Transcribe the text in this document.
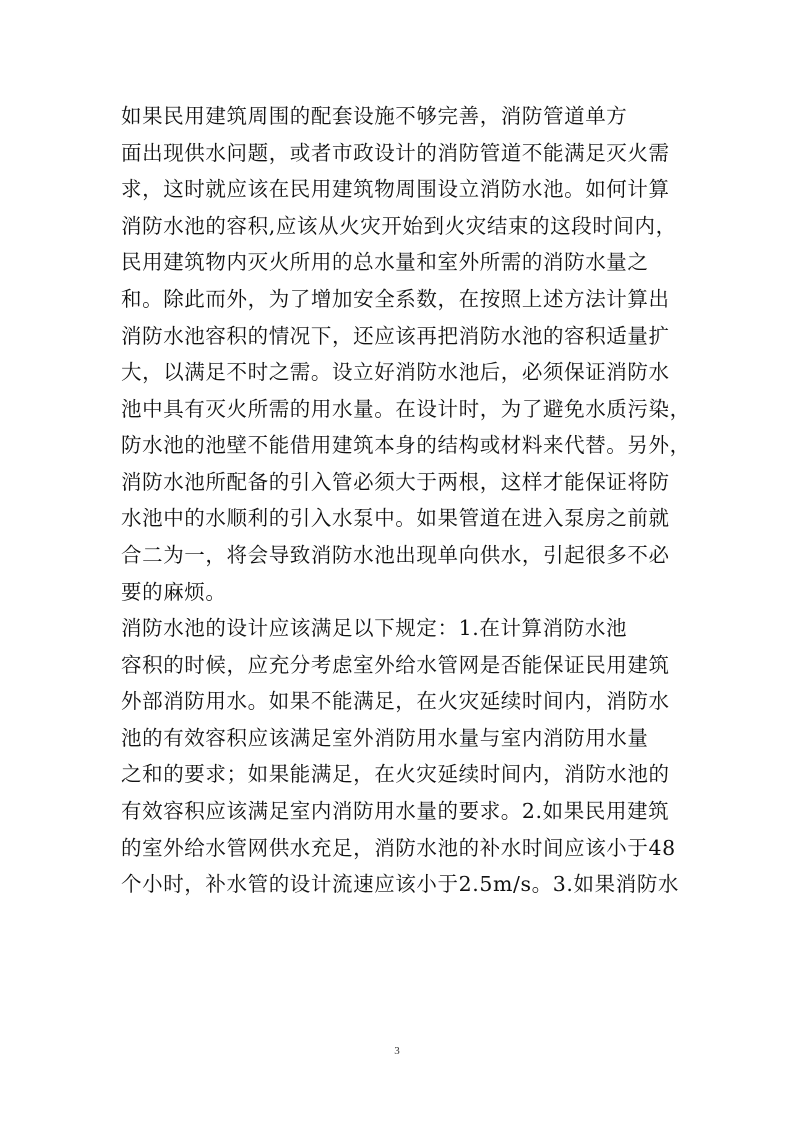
如果民用建筑周围的配套设施不够完善，消防管道单方
面出现供水问题，或者市政设计的消防管道不能满足灭火需
求，这时就应该在民用建筑物周围设立消防水池。如何计算
消防水池的容积,应该从火灾开始到火灾结束的这段时间内，
民用建筑物内灭火所用的总水量和室外所需的消防水量之
和。除此而外，为了增加安全系数，在按照上述方法计算出
消防水池容积的情况下，还应该再把消防水池的容积适量扩
大，以满足不时之需。设立好消防水池后，必须保证消防水
池中具有灭火所需的用水量。在设计时，为了避免水质污染，
防水池的池壁不能借用建筑本身的结构或材料来代替。另外，
消防水池所配备的引入管必须大于两根，这样才能保证将防
水池中的水顺利的引入水泵中。如果管道在进入泵房之前就
合二为一，将会导致消防水池出现单向供水，引起很多不必
要的麻烦。
消防水池的设计应该满足以下规定：1.在计算消防水池
容积的时候，应充分考虑室外给水管网是否能保证民用建筑
外部消防用水。如果不能满足，在火灾延续时间内，消防水
池的有效容积应该满足室外消防用水量与室内消防用水量
之和的要求；如果能满足，在火灾延续时间内，消防水池的
有效容积应该满足室内消防用水量的要求。2.如果民用建筑
的室外给水管网供水充足，消防水池的补水时间应该小于48
个小时，补水管的设计流速应该小于2.5m/s。3.如果消防水
3
